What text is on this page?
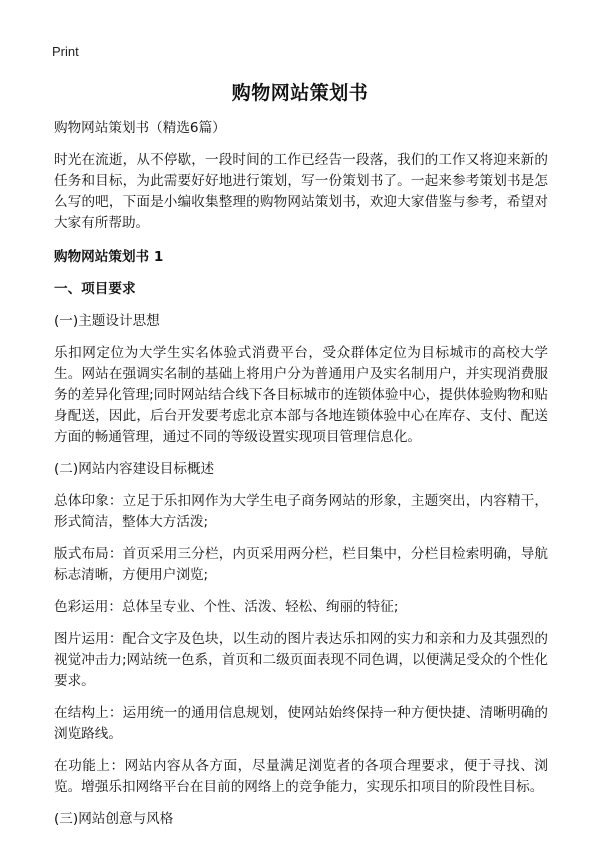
Print
购物网站策划书
购物网站策划书（精选6篇）
时光在流逝，从不停歇，一段时间的工作已经告一段落，我们的工作又将迎来新的任务和目标，为此需要好好地进行策划，写一份策划书了。一起来参考策划书是怎么写的吧，下面是小编收集整理的购物网站策划书，欢迎大家借鉴与参考，希望对大家有所帮助。
购物网站策划书 1
一、项目要求
(一)主题设计思想
乐扣网定位为大学生实名体验式消费平台，受众群体定位为目标城市的高校大学生。网站在强调实名制的基础上将用户分为普通用户及实名制用户，并实现消费服务的差异化管理;同时网站结合线下各目标城市的连锁体验中心，提供体验购物和贴身配送，因此，后台开发要考虑北京本部与各地连锁体验中心在库存、支付、配送方面的畅通管理，通过不同的等级设置实现项目管理信息化。
(二)网站内容建设目标概述
总体印象：立足于乐扣网作为大学生电子商务网站的形象，主题突出，内容精干，形式简洁，整体大方活泼;
版式布局：首页采用三分栏，内页采用两分栏，栏目集中，分栏目检索明确，导航标志清晰，方便用户浏览;
色彩运用：总体呈专业、个性、活泼、轻松、绚丽的特征;
图片运用：配合文字及色块，以生动的图片表达乐扣网的实力和亲和力及其强烈的视觉冲击力;网站统一色系，首页和二级页面表现不同色调，以便满足受众的个性化要求。
在结构上：运用统一的通用信息规划，使网站始终保持一种方便快捷、清晰明确的浏览路线。
在功能上：网站内容从各方面，尽量满足浏览者的各项合理要求，便于寻找、浏览。增强乐扣网络平台在目前的网络上的竞争能力，实现乐扣项目的阶段性目标。
(三)网站创意与风格
